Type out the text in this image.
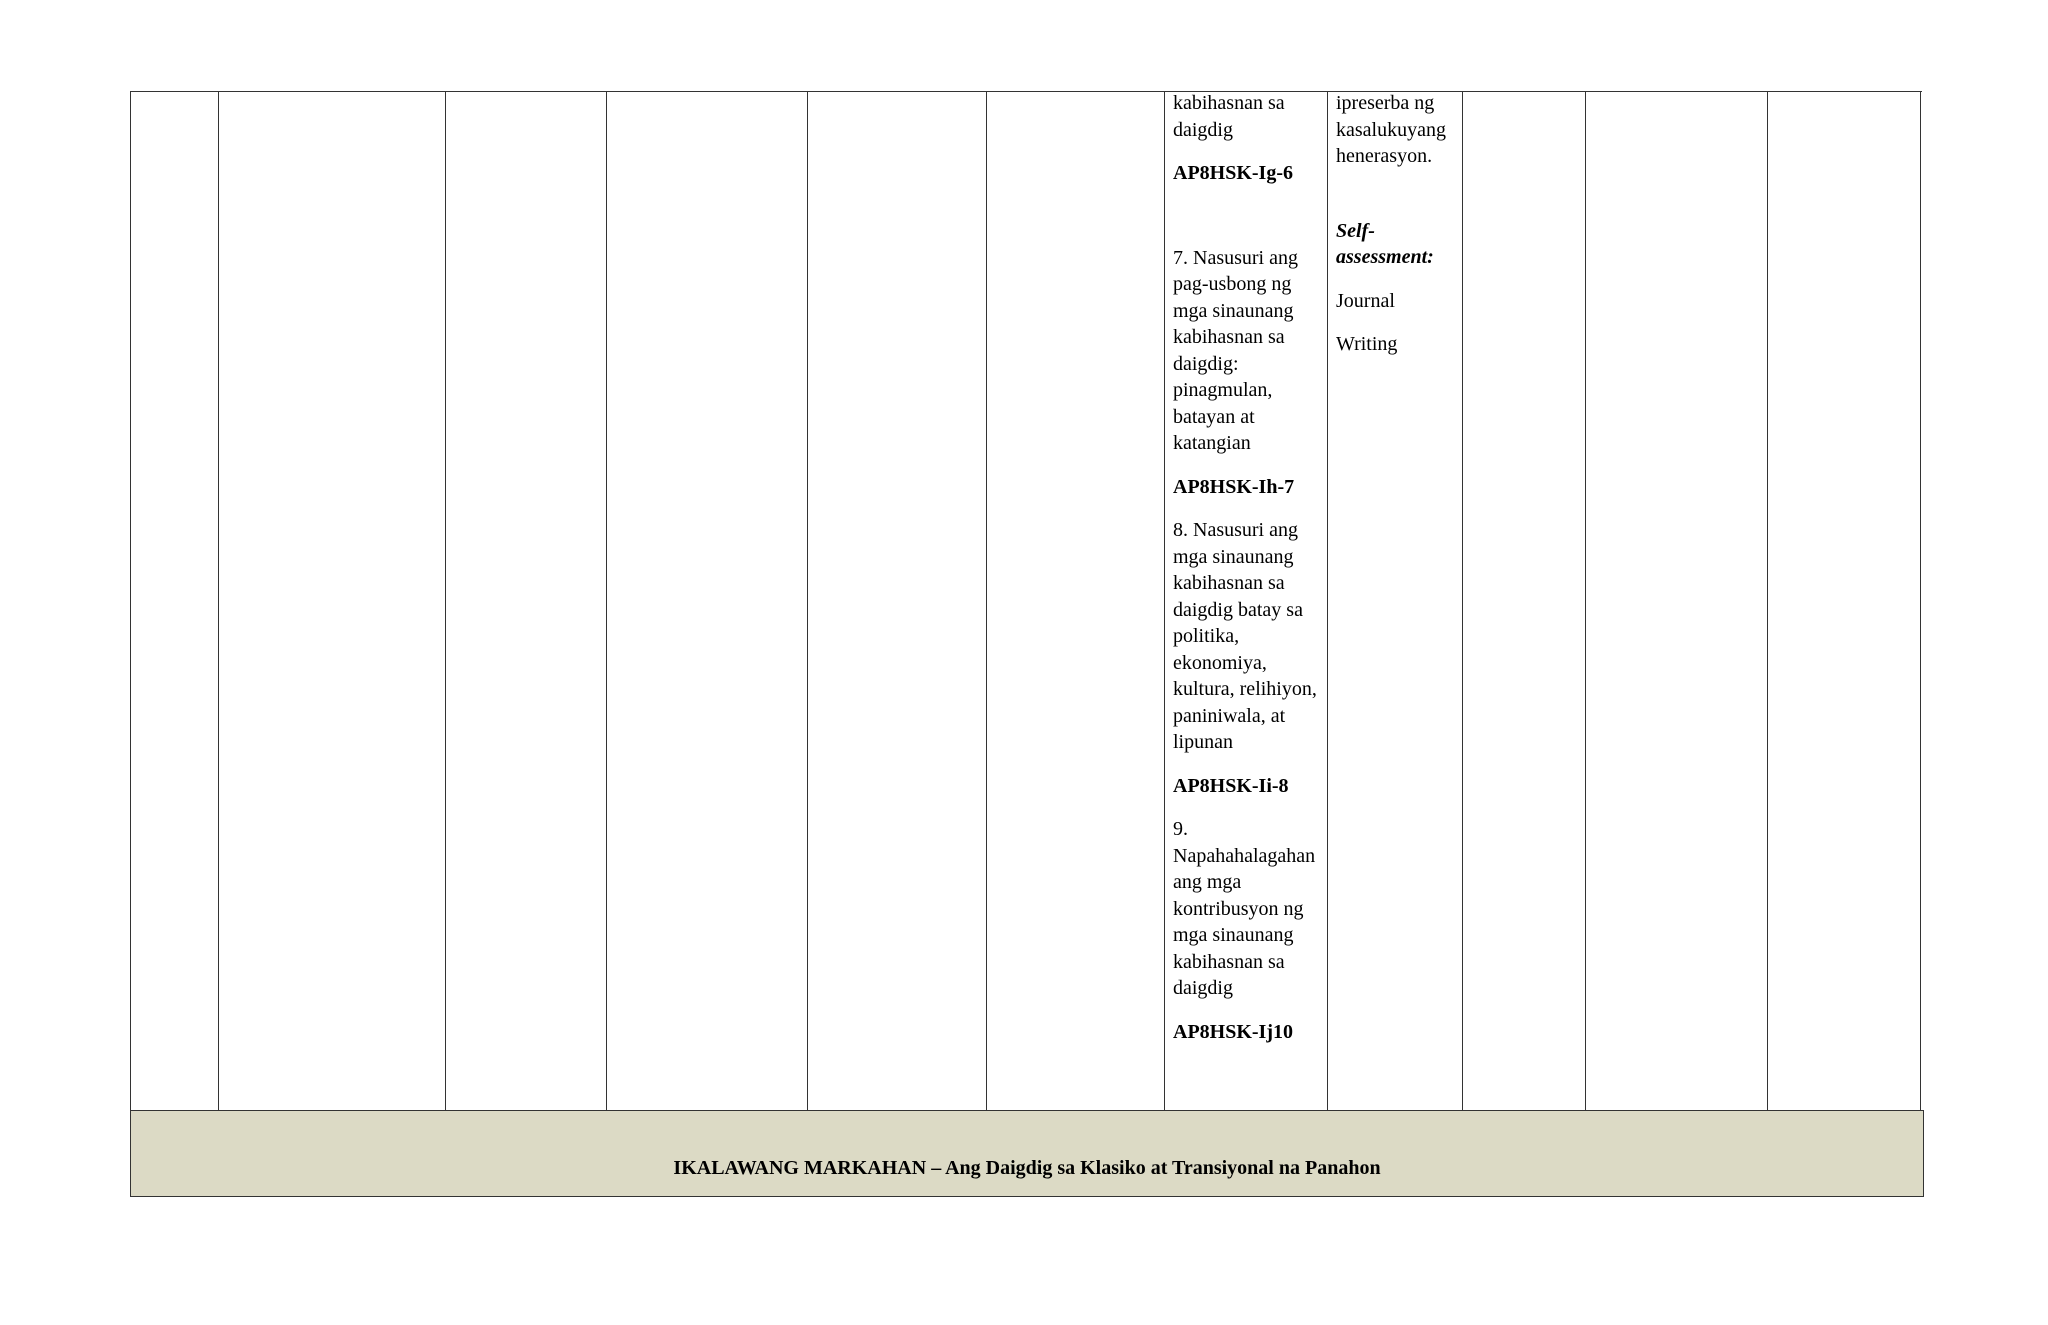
kabihasnan sa
daigdig
AP8HSK-Ig-6
7. Nasusuri ang
pag-usbong ng
mga sinaunang
kabihasnan sa
daigdig:
pinagmulan,
batayan at
katangian
AP8HSK-Ih-7
8. Nasusuri ang
mga sinaunang
kabihasnan sa
daigdig batay sa
politika,
ekonomiya,
kultura, relihiyon,
paniniwala, at
lipunan
AP8HSK-Ii-8
9.
Napahahalagahan
ang mga
kontribusyon ng
mga sinaunang
kabihasnan sa
daigdig
AP8HSK-Ij10
ipreserba ng
kasalukuyang
henerasyon.
Self-
assessment:
Journal
Writing
IKALAWANG MARKAHAN – Ang Daigdig sa Klasiko at Transiyonal na Panahon
